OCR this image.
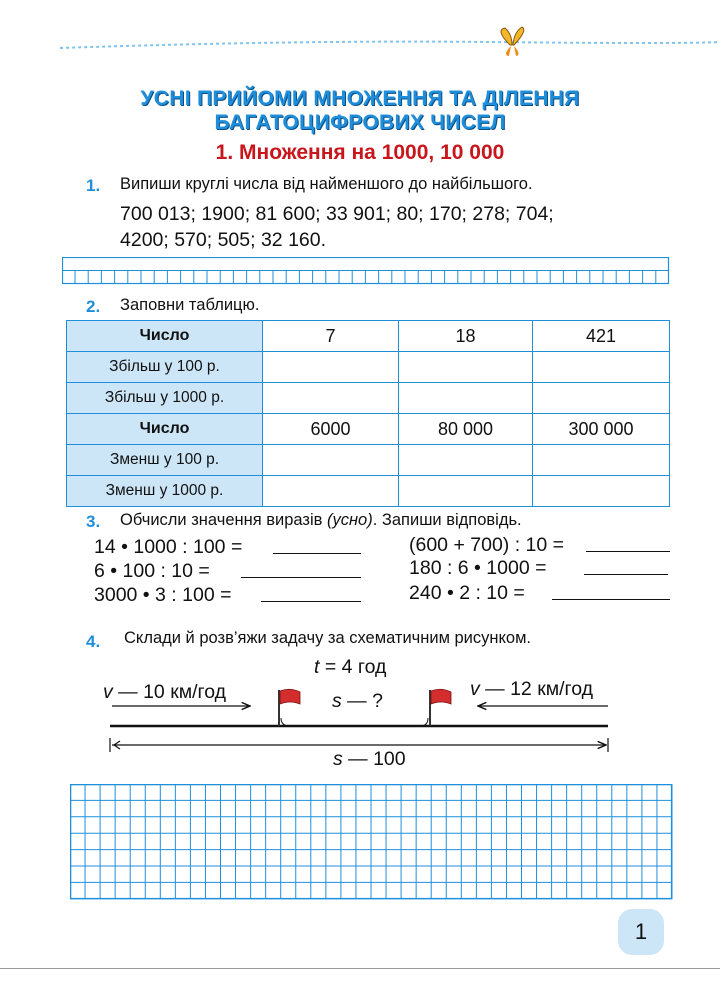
УСНІ ПРИЙОМИ МНОЖЕННЯ ТА ДІЛЕННЯ
БАГАТОЦИФРОВИХ ЧИСЕЛ
1. Множення на 1000, 10 000
1. Випиши круглі числа від найменшого до найбільшого.
700 013; 1900; 81 600; 33 901; 80; 170; 278; 704;
4200; 570; 505; 32 160.
2. Заповни таблицю.
Число	7	18	421
Збільш у 100 р.			
Збільш у 1000 р.			
Число	6000	80 000	300 000
Зменш у 100 р.			
Зменш у 1000 р.			
3. Обчисли значення виразів (усно). Запиши відповідь.
14 • 1000 : 100 =
6 • 100 : 10 =
3000 • 3 : 100 =
(600 + 700) : 10 =
180 : 6 • 1000 =
240 • 2 : 10 =
4. Склади й розв’яжи задачу за схематичним рисунком.
t = 4 год
v — 10 км/год	v — 12 км/год
s — ?
s — 100
1
